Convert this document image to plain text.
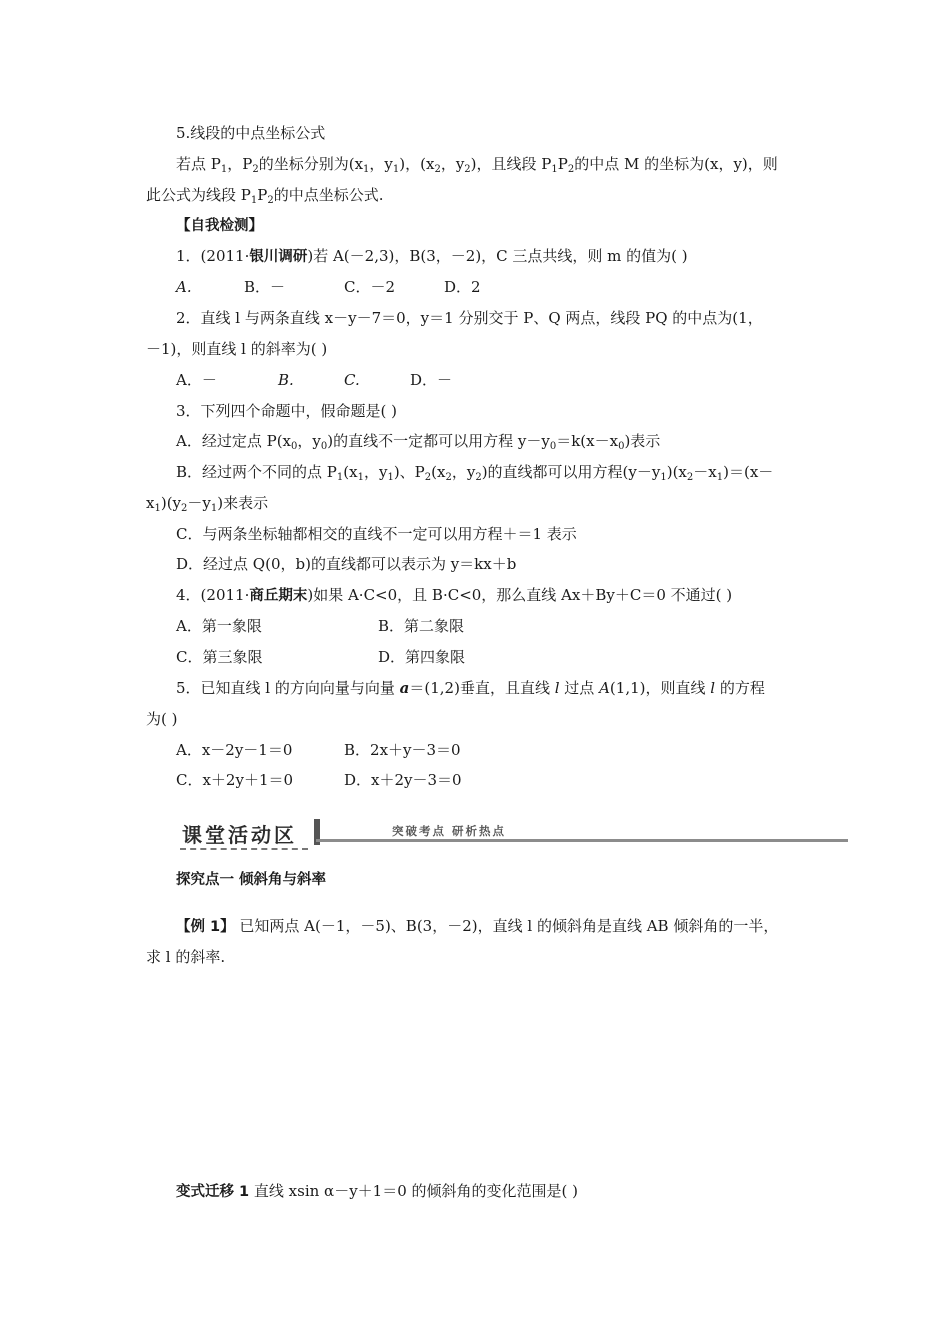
5.线段的中点坐标公式
若点 $P_1$，$P_2$的坐标分别为($x_1$，$y_1$)，($x_2$，$y_2$)，且线段 $P_1P_2$的中点 M 的坐标为(x，y)，则
此公式为线段 $P_1P_2$的中点坐标公式.
【自我检测】
1．(2011·银川调研)若 A(－2,3)，B(3，－2)，C 三点共线，则 m 的值为( )
A.	B．－	C．－2	D．2
2．直线 l 与两条直线 x－y－7＝0，y＝1 分别交于 P、Q 两点，线段 PQ 的中点为(1，
－1)，则直线 l 的斜率为( )
A．－	B.	C.	D．－
3．下列四个命题中，假命题是( )
A．经过定点 $P(x_0$，$y_0$)的直线不一定都可以用方程 $y-y_0=k(x-x_0)$表示
B．经过两个不同的点 $P_1(x_1$，$y_1$)、$P_2(x_2$，$y_2$)的直线都可以用方程$(y-y_1)(x_2-x_1)=(x-$
$x_1)(y_2-y_1)$来表示
C．与两条坐标轴都相交的直线不一定可以用方程＋＝1 表示
D．经过点 Q(0，b)的直线都可以表示为 y＝kx＋b
4．(2011·商丘期末)如果 A·C<0，且 B·C<0，那么直线 Ax＋By＋C＝0 不通过( )
A．第一象限	B．第二象限
C．第三象限	D．第四象限
5．已知直线 l 的方向向量与向量 a＝(1,2)垂直，且直线 l 过点 A(1,1)，则直线 l 的方程
为( )
A．x－2y－1＝0	B．2x＋y－3＝0
C．x＋2y＋1＝0	D．x＋2y－3＝0
课堂活动区	突破考点 研析热点
探究点一 倾斜角与斜率
【例 1】 已知两点 A(－1，－5)、B(3，－2)，直线 l 的倾斜角是直线 AB 倾斜角的一半，
求 l 的斜率.
变式迁移 1 直线 xsin α－y＋1＝0 的倾斜角的变化范围是( )
